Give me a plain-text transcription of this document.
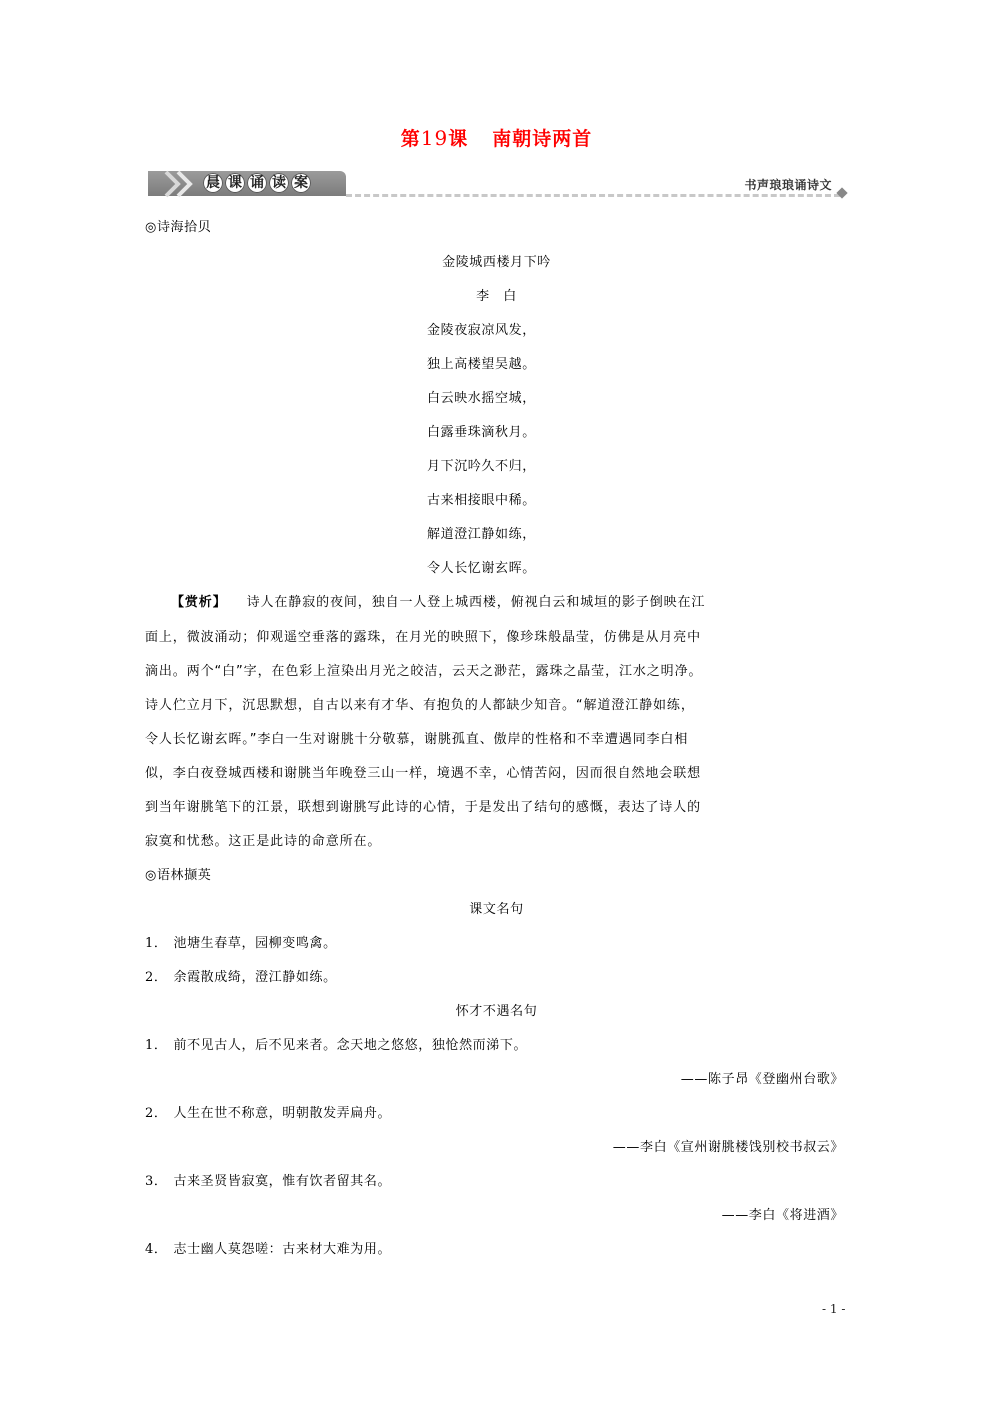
第19课 南朝诗两首
晨 课 诵 读 案	书声琅琅诵诗文
◎诗海拾贝
金陵城西楼月下吟
李　白
金陵夜寂凉风发，
独上高楼望吴越。
白云映水摇空城，
白露垂珠滴秋月。
月下沉吟久不归，
古来相接眼中稀。
解道澄江静如练，
令人长忆谢玄晖。
【赏析】 诗人在静寂的夜间，独自一人登上城西楼，俯视白云和城垣的影子倒映在江
面上，微波涌动；仰观遥空垂落的露珠，在月光的映照下，像珍珠般晶莹，仿佛是从月亮中
滴出。两个“白”字，在色彩上渲染出月光之皎洁，云天之渺茫，露珠之晶莹，江水之明净。
诗人伫立月下，沉思默想，自古以来有才华、有抱负的人都缺少知音。“解道澄江静如练，
令人长忆谢玄晖。”李白一生对谢朓十分敬慕，谢朓孤直、傲岸的性格和不幸遭遇同李白相
似，李白夜登城西楼和谢朓当年晚登三山一样，境遇不幸，心情苦闷，因而很自然地会联想
到当年谢朓笔下的江景，联想到谢朓写此诗的心情，于是发出了结句的感慨，表达了诗人的
寂寞和忧愁。这正是此诗的命意所在。
◎语林撷英
课文名句
1． 池塘生春草，园柳变鸣禽。
2． 余霞散成绮，澄江静如练。
怀才不遇名句
1． 前不见古人，后不见来者。念天地之悠悠，独怆然而涕下。
——陈子昂《登幽州台歌》
2． 人生在世不称意，明朝散发弄扁舟。
——李白《宣州谢朓楼饯别校书叔云》
3． 古来圣贤皆寂寞，惟有饮者留其名。
——李白《将进酒》
4． 志士幽人莫怨嗟：古来材大难为用。
- 1 -
